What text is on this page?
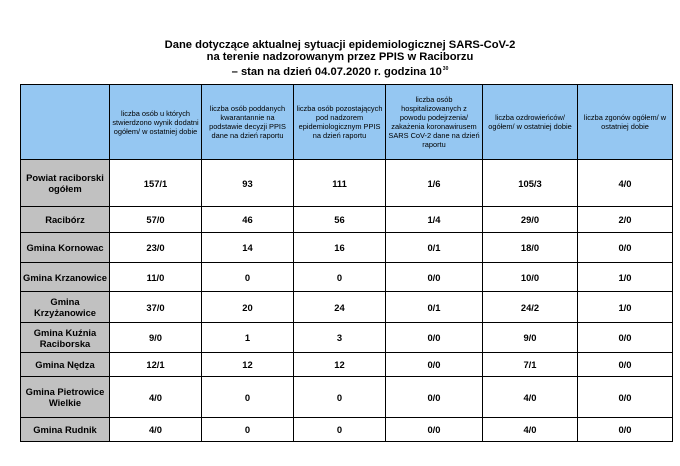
Dane dotyczące aktualnej sytuacji epidemiologicznej SARS-CoV-2
na terenie nadzorowanym przez PPIS w Raciborzu
– stan na dzień 04.07.2020 r. godzina $10^{30}$
	liczba osób u których stwierdzono wynik dodatni ogółem/ w ostatniej dobie	liczba osób poddanych kwarantannie na podstawie decyzji PPIS dane na dzień raportu	liczba osób pozostających pod nadzorem epidemiologicznym PPIS na dzień raportu	liczba osób hospitalizowanych z powodu podejrzenia/ zakażenia koronawirusem SARS CoV-2 dane na dzień raportu	liczba ozdrowieńców/ ogółem/ w ostatniej dobie	liczba zgonów ogółem/ w ostatniej dobie
Powiat raciborski ogółem	157/1	93	111	1/6	105/3	4/0
Racibórz	57/0	46	56	1/4	29/0	2/0
Gmina Kornowac	23/0	14	16	0/1	18/0	0/0
Gmina Krzanowice	11/0	0	0	0/0	10/0	1/0
Gmina Krzyżanowice	37/0	20	24	0/1	24/2	1/0
Gmina Kuźnia Raciborska	9/0	1	3	0/0	9/0	0/0
Gmina Nędza	12/1	12	12	0/0	7/1	0/0
Gmina Pietrowice Wielkie	4/0	0	0	0/0	4/0	0/0
Gmina Rudnik	4/0	0	0	0/0	4/0	0/0
